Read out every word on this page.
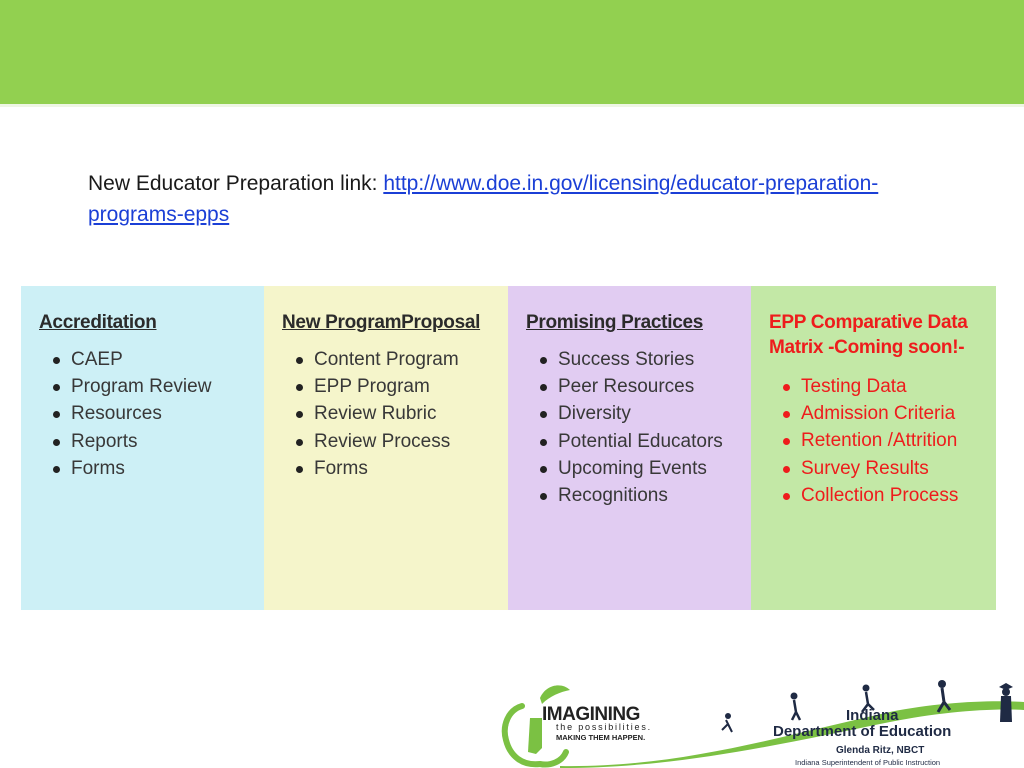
New Educator Preparation link: http://www.doe.in.gov/licensing/educator-preparation-programs-epps
Accreditation
CAEP
Program Review
Resources
Reports
Forms
New ProgramProposal
Content Program
EPP Program
Review Rubric
Review Process
Forms
Promising Practices
Success Stories
Peer Resources
Diversity
Potential Educators
Upcoming Events
Recognitions
EPP Comparative Data Matrix -Coming soon!-
Testing Data
Admission Criteria
Retention /Attrition
Survey Results
Collection Process
IMAGINING
the possibilities.
MAKING THEM HAPPEN.
Indiana
Department of Education
Glenda Ritz, NBCT
Indiana Superintendent of Public Instruction
